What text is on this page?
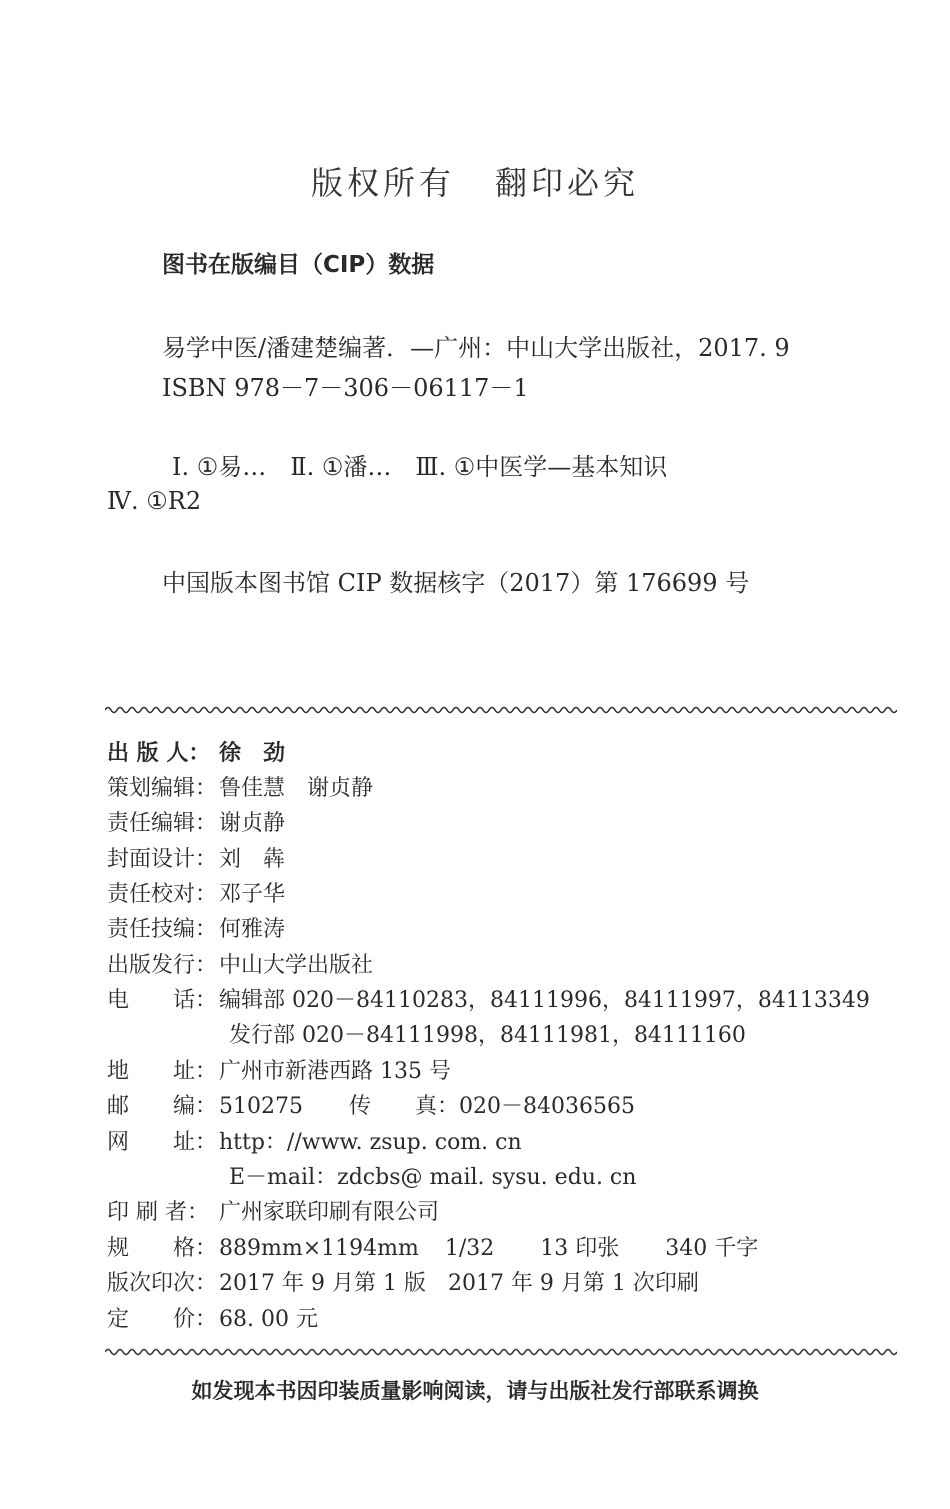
版权所有 翻印必究
图书在版编目（CIP）数据
易学中医/潘建楚编著．—广州：中山大学出版社，2017. 9
ISBN 978－7－306－06117－1
Ⅰ. ①易…　Ⅱ. ①潘…　Ⅲ. ①中医学—基本知识
Ⅳ. ①R2
中国版本图书馆 CIP 数据核字（2017）第 176699 号
出 版 人： 徐　劲
策划编辑：鲁佳慧　谢贞静
责任编辑：谢贞静
封面设计：刘　犇
责任校对：邓子华
责任技编：何雅涛
出版发行：中山大学出版社
电　　话：编辑部 020－84110283，84111996，84111997，84113349
发行部 020－84111998，84111981，84111160
地　　址：广州市新港西路 135 号
邮　　编：510275 传　　真：020－84036565
网　　址：http：//www. zsup. com. cn
E－mail：zdcbs@ mail. sysu. edu. cn
印 刷 者： 广州家联印刷有限公司
规　　格：889mm×1194mm 1/32 13 印张 340 千字
版次印次：2017 年 9 月第 1 版　2017 年 9 月第 1 次印刷
定　　价：68. 00 元
如发现本书因印装质量影响阅读，请与出版社发行部联系调换
